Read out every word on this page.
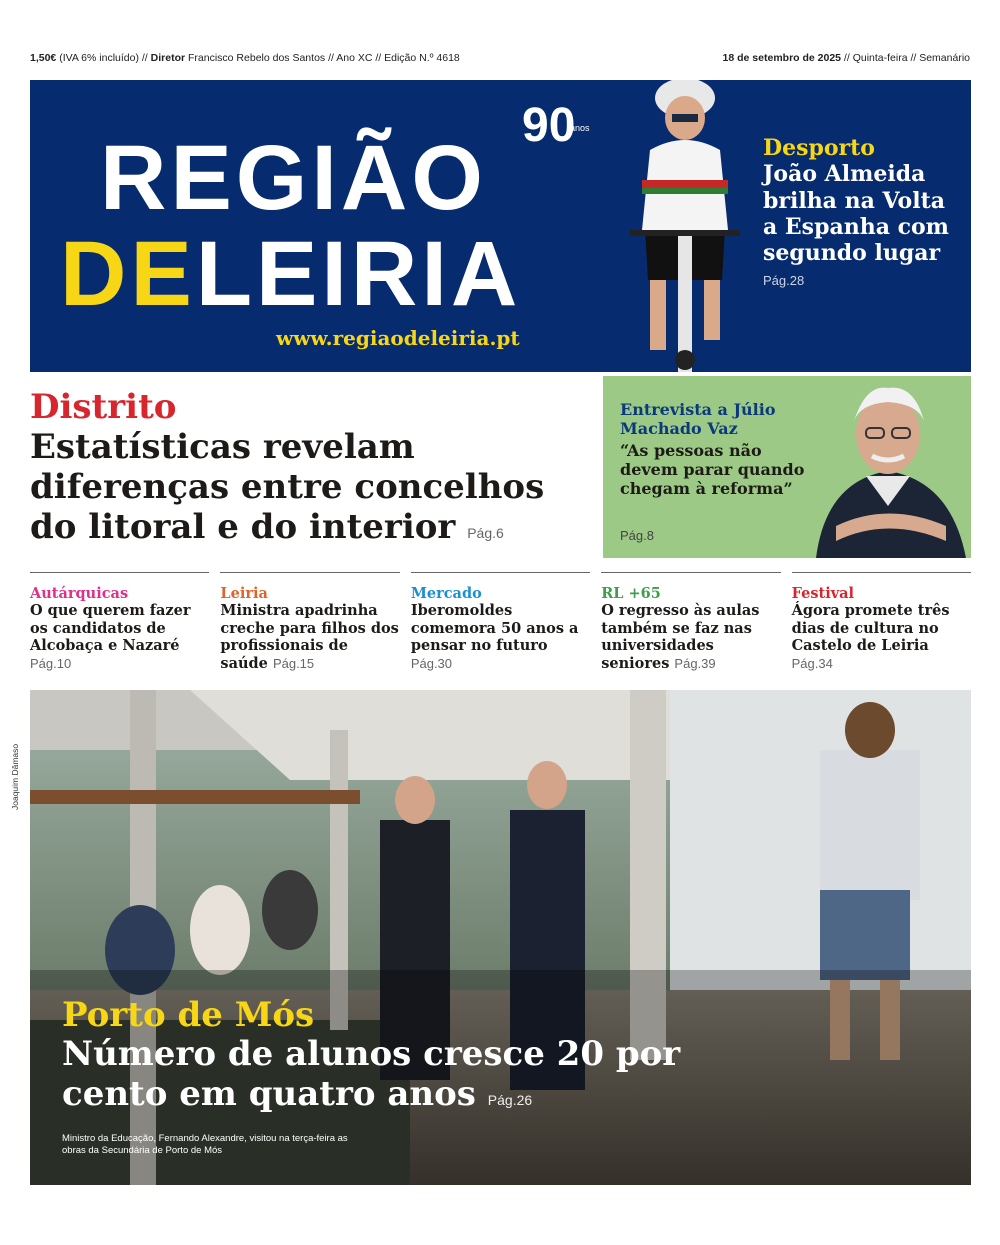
1,50€ (IVA 6% incluído) // Diretor Francisco Rebelo dos Santos // Ano XC // Edição N.º 4618	18 de setembro de 2025 // Quinta-feira // Semanário
REGIÃO
DELEIRIA
90
anos
www.regiaodeleiria.pt
Desporto
João Almeida brilha na Volta a Espanha com segundo lugar
Pág.28
Distrito
Estatísticas revelam diferenças entre concelhos do litoral e do interior Pág.6
Entrevista a Júlio Machado Vaz
“As pessoas não devem parar quando chegam à reforma”
Pág.8
Autárquicas
O que querem fazer os candidatos de Alcobaça e Nazaré
Pág.10
Leiria
Ministra apadrinha creche para filhos dos profissionais de saúde Pág.15
Mercado
Iberomoldes comemora 50 anos a pensar no futuro
Pág.30
RL +65
O regresso às aulas também se faz nas universidades seniores Pág.39
Festival
Ágora promete três dias de cultura no Castelo de Leiria
Pág.34
Joaquim Dâmaso
Porto de Mós
Número de alunos cresce 20 por cento em quatro anos Pág.26
Ministro da Educação, Fernando Alexandre, visitou na terça-feira as obras da Secundária de Porto de Mós
